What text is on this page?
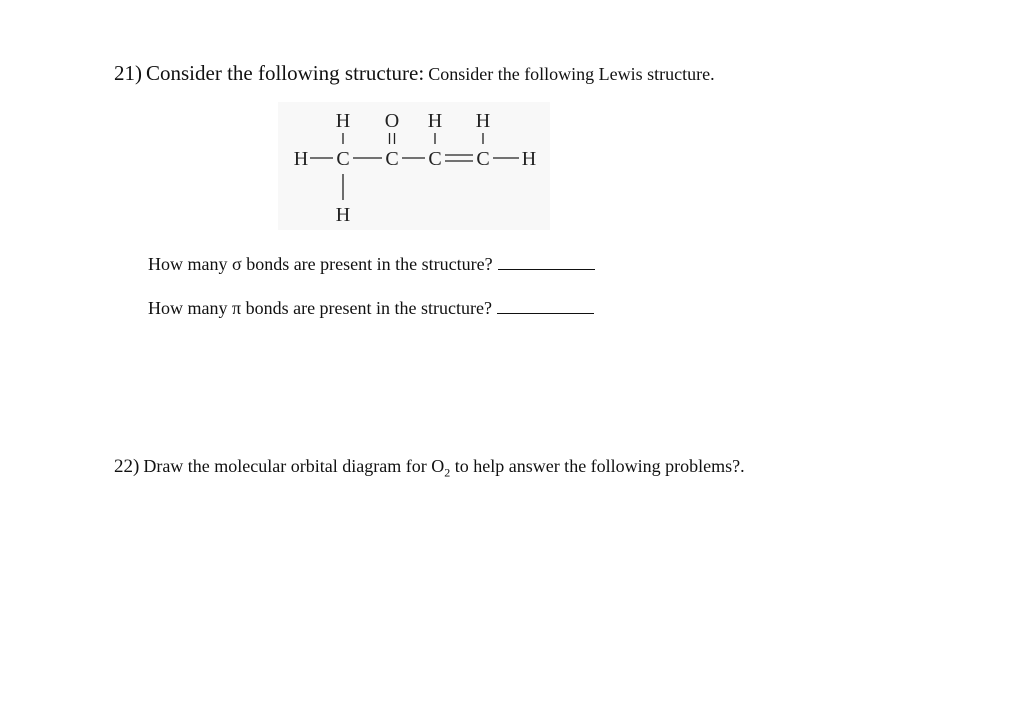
21) Consider the following structure: Consider the following Lewis structure.
H O H H
H C C C C H
H
How many σ bonds are present in the structure?
How many π bonds are present in the structure?
22) Draw the molecular orbital diagram for $O_2$ to help answer the following problems?.
